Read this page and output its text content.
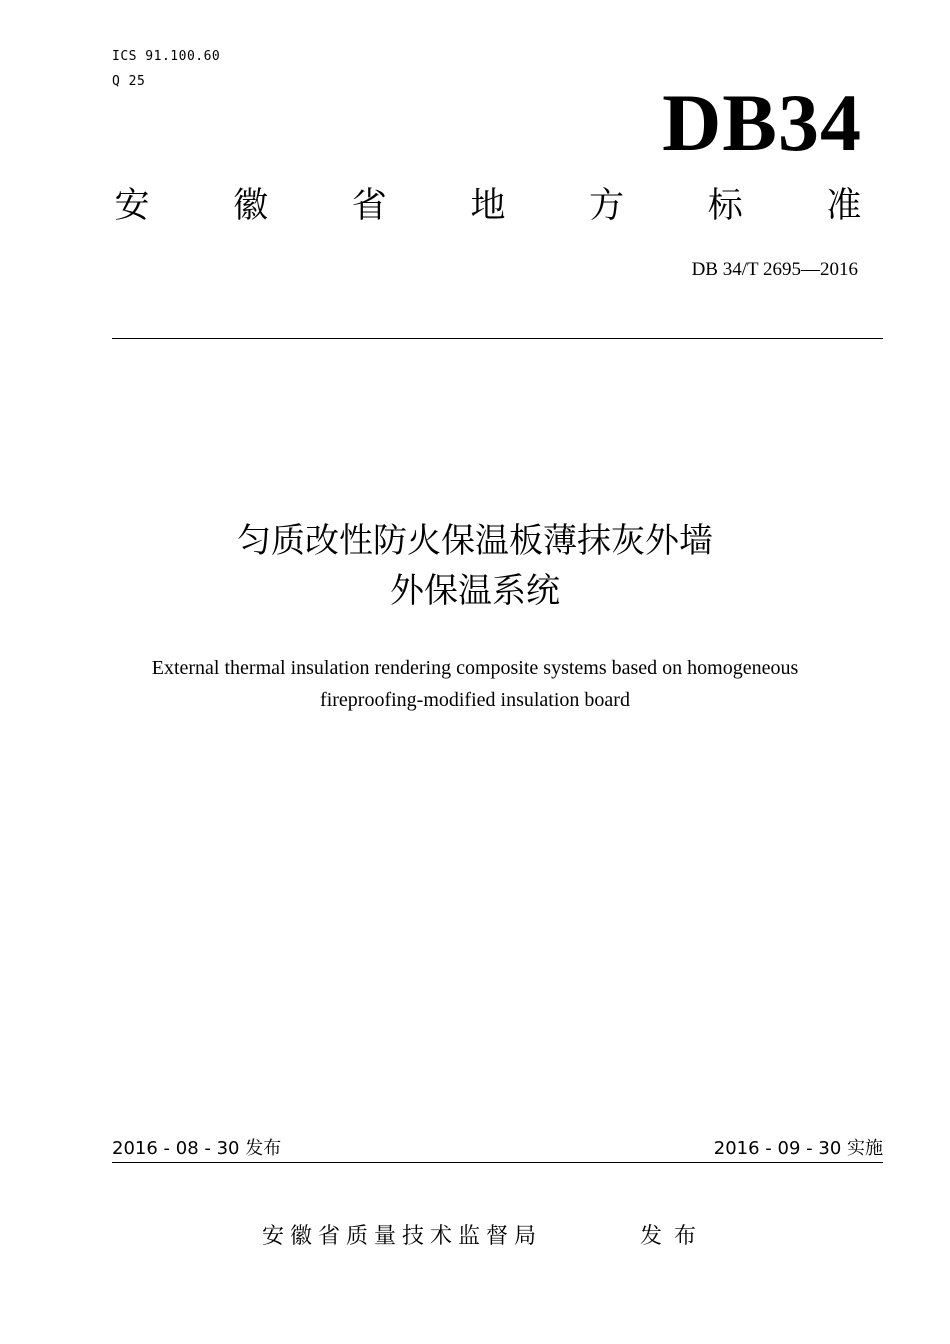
ICS 91.100.60
Q 25	DB34
安 徽 省 地 方 标 准
DB 34/T 2695—2016
匀质改性防火保温板薄抹灰外墙
外保温系统
External thermal insulation rendering composite systems based on homogeneous
fireproofing-modified insulation board
2016 - 08 - 30 发布	2016 - 09 - 30 实施
安徽省质量技术监督局	发布
